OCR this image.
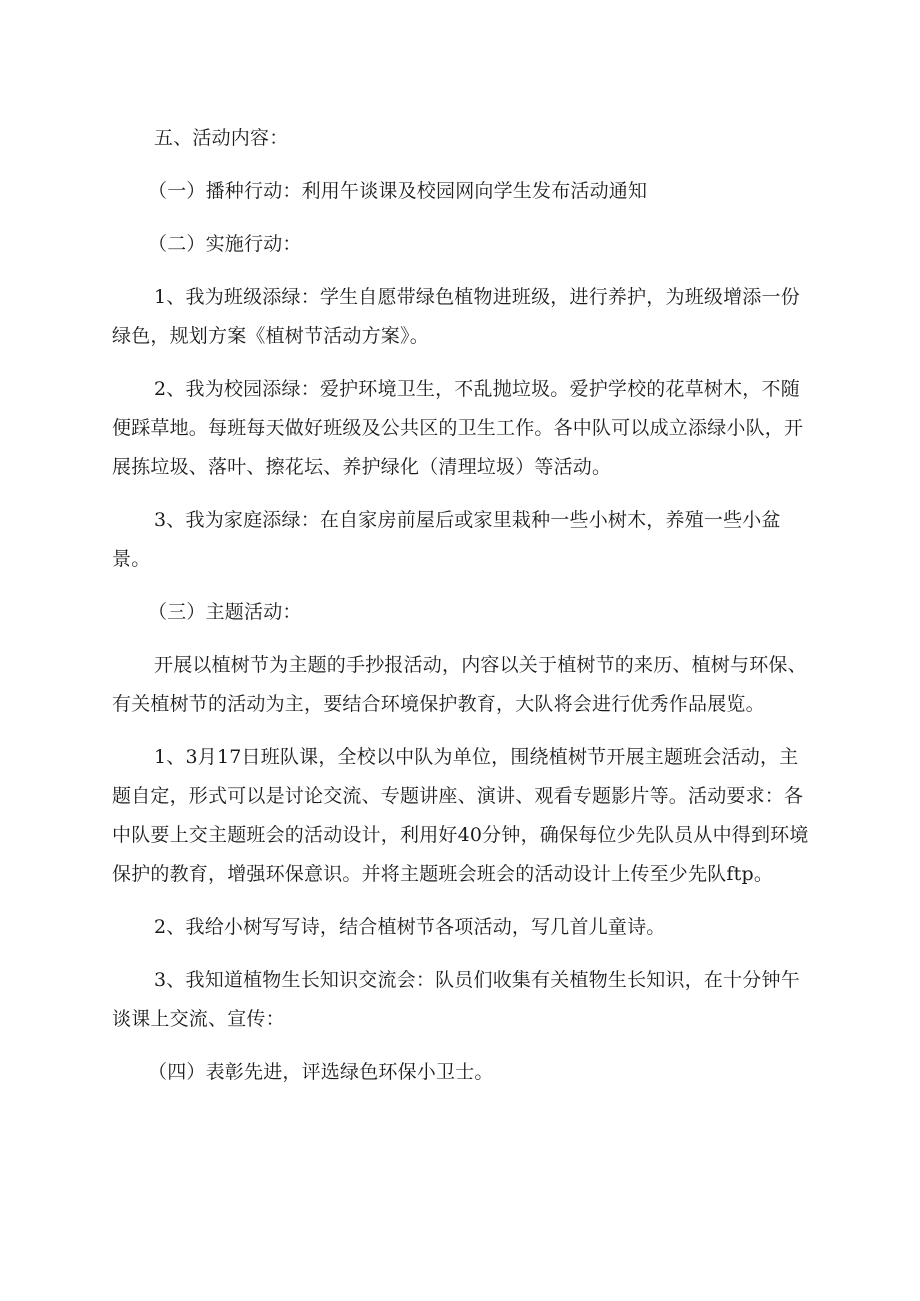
五、活动内容：

（一）播种行动：利用午谈课及校园网向学生发布活动通知

（二）实施行动：

1、我为班级添绿：学生自愿带绿色植物进班级，进行养护，为班级增添一份绿色，规划方案《植树节活动方案》。

2、我为校园添绿：爱护环境卫生，不乱抛垃圾。爱护学校的花草树木，不随便踩草地。每班每天做好班级及公共区的卫生工作。各中队可以成立添绿小队，开展拣垃圾、落叶、擦花坛、养护绿化（清理垃圾）等活动。

3、我为家庭添绿：在自家房前屋后或家里栽种一些小树木，养殖一些小盆景。

（三）主题活动：

开展以植树节为主题的手抄报活动，内容以关于植树节的来历、植树与环保、有关植树节的活动为主，要结合环境保护教育，大队将会进行优秀作品展览。

1、3月17日班队课，全校以中队为单位，围绕植树节开展主题班会活动，主题自定，形式可以是讨论交流、专题讲座、演讲、观看专题影片等。活动要求：各中队要上交主题班会的活动设计，利用好40分钟，确保每位少先队员从中得到环境保护的教育，增强环保意识。并将主题班会班会的活动设计上传至少先队ftp。

2、我给小树写写诗，结合植树节各项活动，写几首儿童诗。

3、我知道植物生长知识交流会：队员们收集有关植物生长知识，在十分钟午谈课上交流、宣传：

（四）表彰先进，评选绿色环保小卫士。
